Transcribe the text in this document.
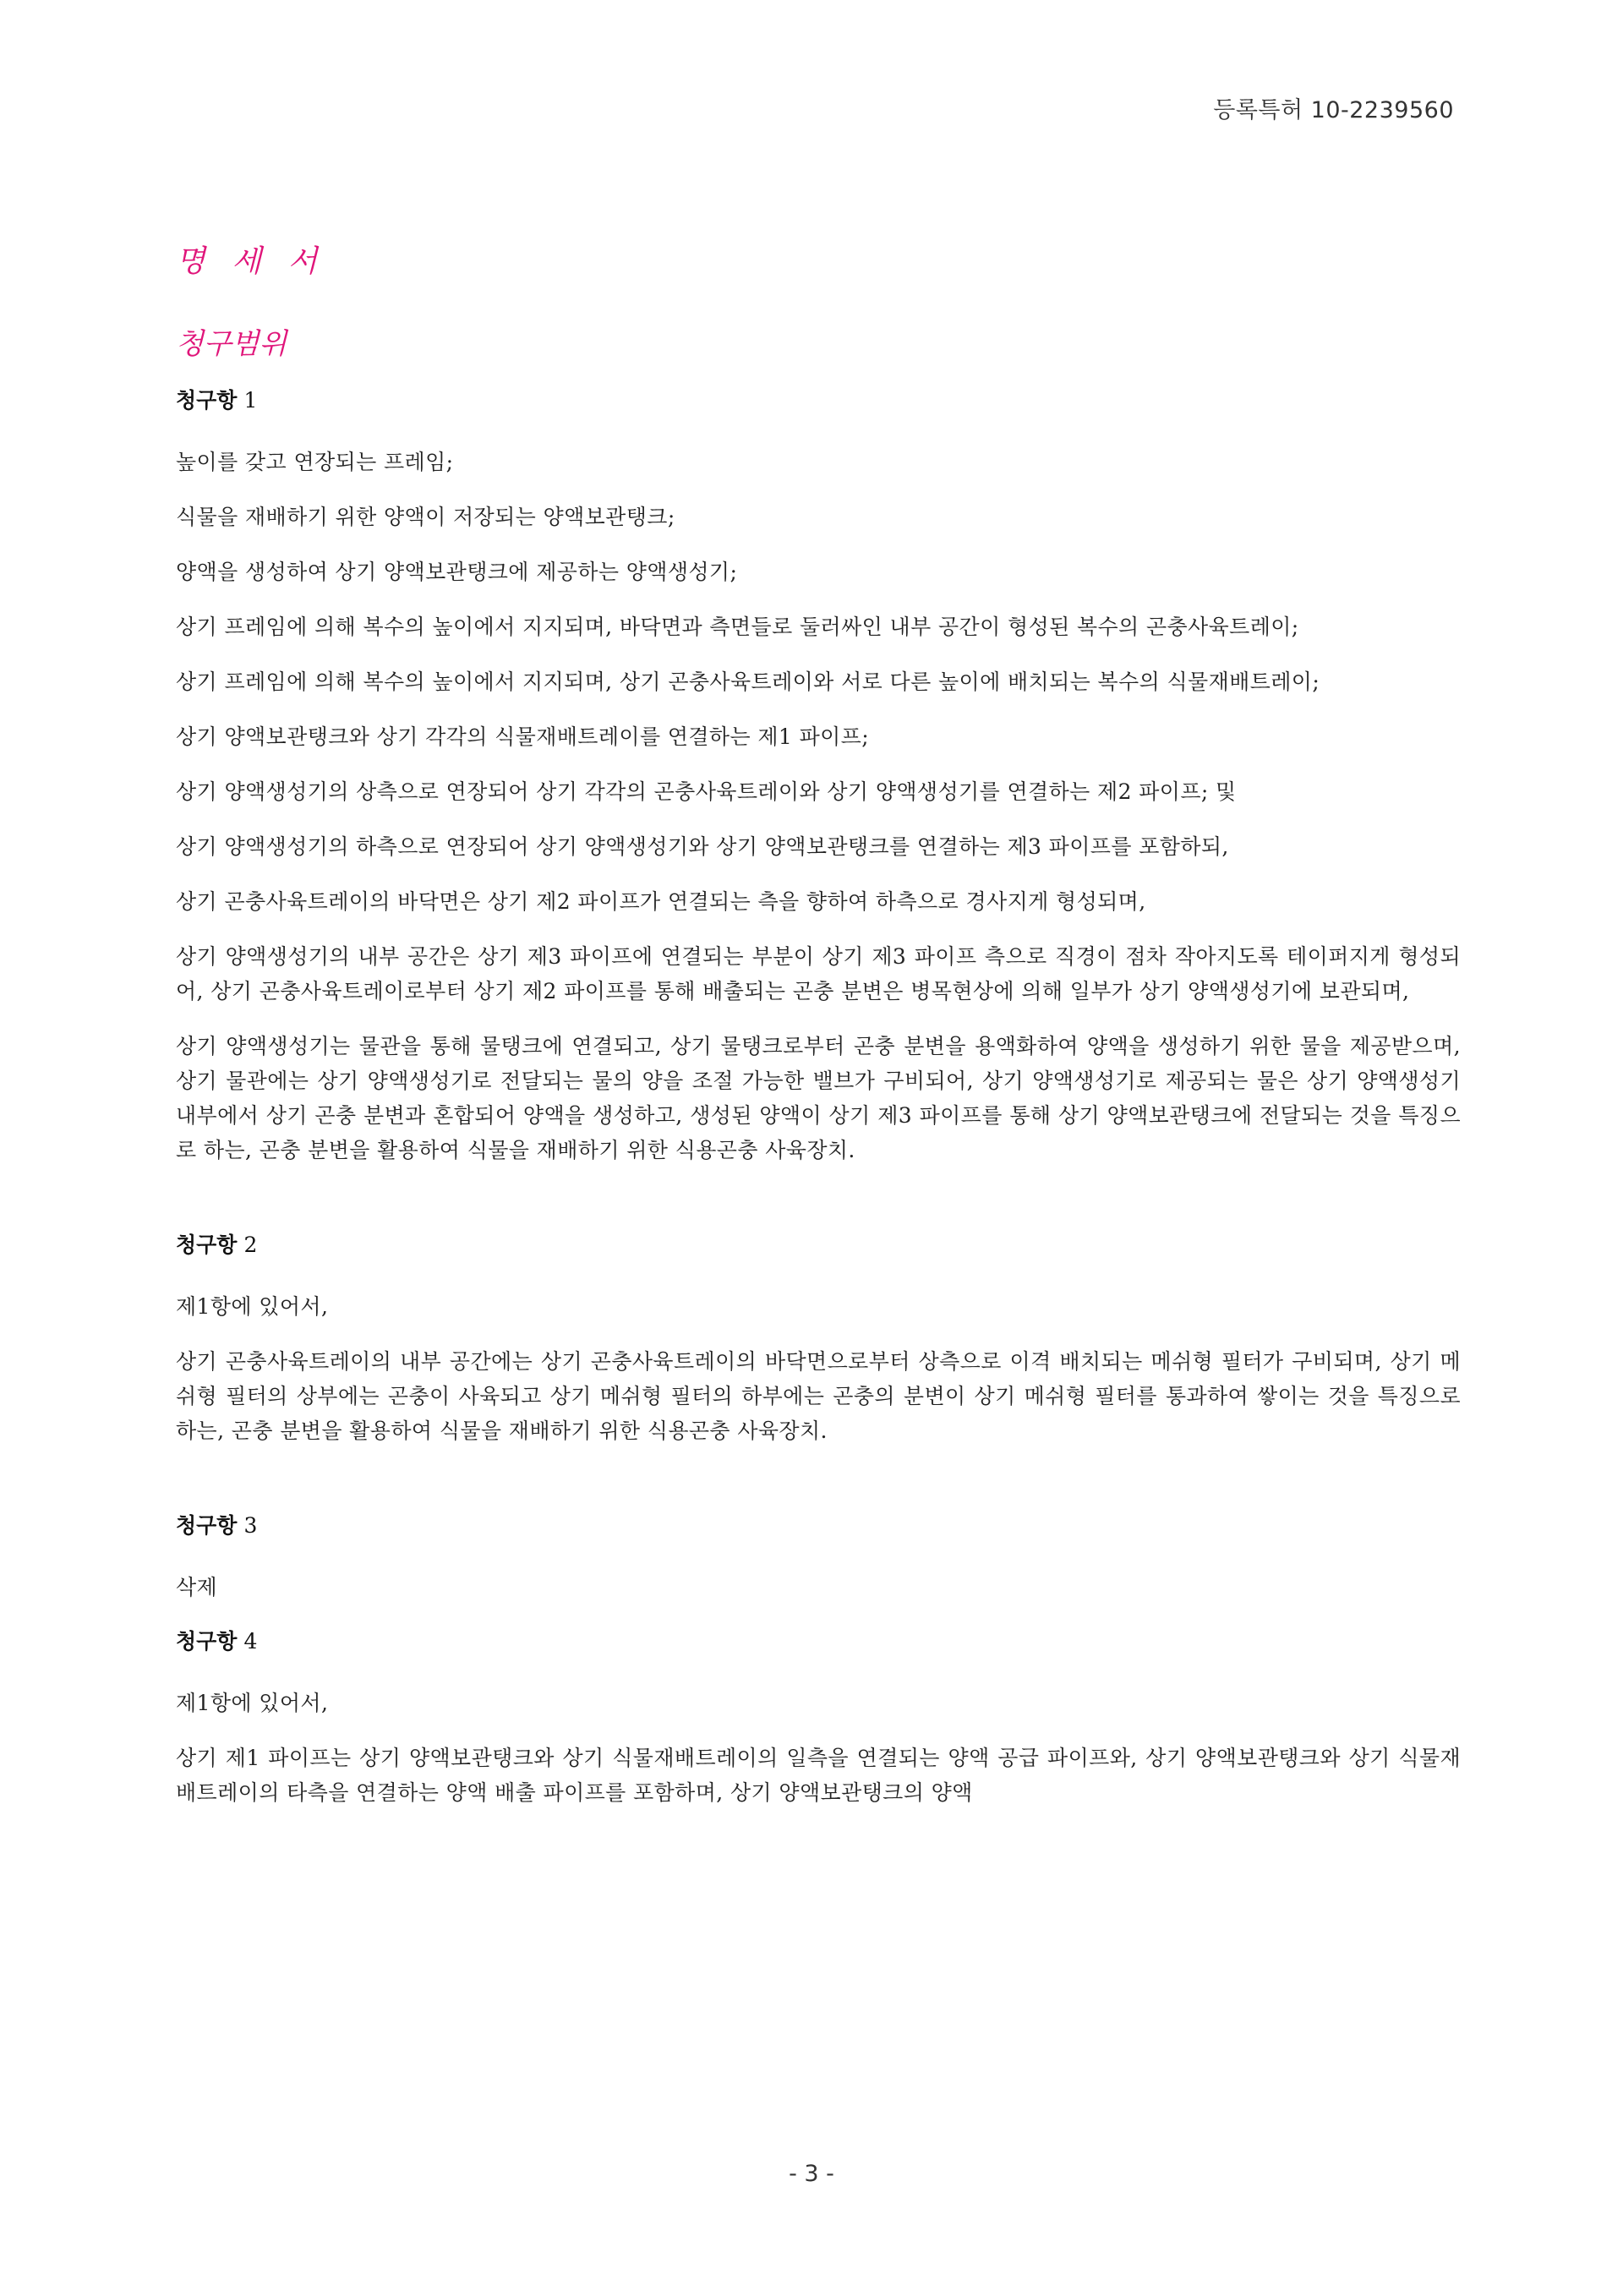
등록특허 10-2239560
명 세 서
청구범위
청구항 1

높이를 갖고 연장되는 프레임;

식물을 재배하기 위한 양액이 저장되는 양액보관탱크;

양액을 생성하여 상기 양액보관탱크에 제공하는 양액생성기;

상기 프레임에 의해 복수의 높이에서 지지되며, 바닥면과 측면들로 둘러싸인 내부 공간이 형성된 복수의 곤충사육트레이;

상기 프레임에 의해 복수의 높이에서 지지되며, 상기 곤충사육트레이와 서로 다른 높이에 배치되는 복수의 식물재배트레이;

상기 양액보관탱크와 상기 각각의 식물재배트레이를 연결하는 제1 파이프;

상기 양액생성기의 상측으로 연장되어 상기 각각의 곤충사육트레이와 상기 양액생성기를 연결하는 제2 파이프; 및

상기 양액생성기의 하측으로 연장되어 상기 양액생성기와 상기 양액보관탱크를 연결하는 제3 파이프를 포함하되,

상기 곤충사육트레이의 바닥면은 상기 제2 파이프가 연결되는 측을 향하여 하측으로 경사지게 형성되며,

상기 양액생성기의 내부 공간은 상기 제3 파이프에 연결되는 부분이 상기 제3 파이프 측으로 직경이 점차 작아지도록 테이퍼지게 형성되어, 상기 곤충사육트레이로부터 상기 제2 파이프를 통해 배출되는 곤충 분변은 병목현상에 의해 일부가 상기 양액생성기에 보관되며,

상기 양액생성기는 물관을 통해 물탱크에 연결되고, 상기 물탱크로부터 곤충 분변을 용액화하여 양액을 생성하기 위한 물을 제공받으며, 상기 물관에는 상기 양액생성기로 전달되는 물의 양을 조절 가능한 밸브가 구비되어, 상기 양액생성기로 제공되는 물은 상기 양액생성기 내부에서 상기 곤충 분변과 혼합되어 양액을 생성하고, 생성된 양액이 상기 제3 파이프를 통해 상기 양액보관탱크에 전달되는 것을 특징으로 하는, 곤충 분변을 활용하여 식물을 재배하기 위한 식용곤충 사육장치.

청구항 2

제1항에 있어서,

상기 곤충사육트레이의 내부 공간에는 상기 곤충사육트레이의 바닥면으로부터 상측으로 이격 배치되는 메쉬형 필터가 구비되며, 상기 메쉬형 필터의 상부에는 곤충이 사육되고 상기 메쉬형 필터의 하부에는 곤충의 분변이 상기 메쉬형 필터를 통과하여 쌓이는 것을 특징으로 하는, 곤충 분변을 활용하여 식물을 재배하기 위한 식용곤충 사육장치.

청구항 3

삭제

청구항 4

제1항에 있어서,

상기 제1 파이프는 상기 양액보관탱크와 상기 식물재배트레이의 일측을 연결되는 양액 공급 파이프와, 상기 양액보관탱크와 상기 식물재배트레이의 타측을 연결하는 양액 배출 파이프를 포함하며, 상기 양액보관탱크의 양액

- 3 -
